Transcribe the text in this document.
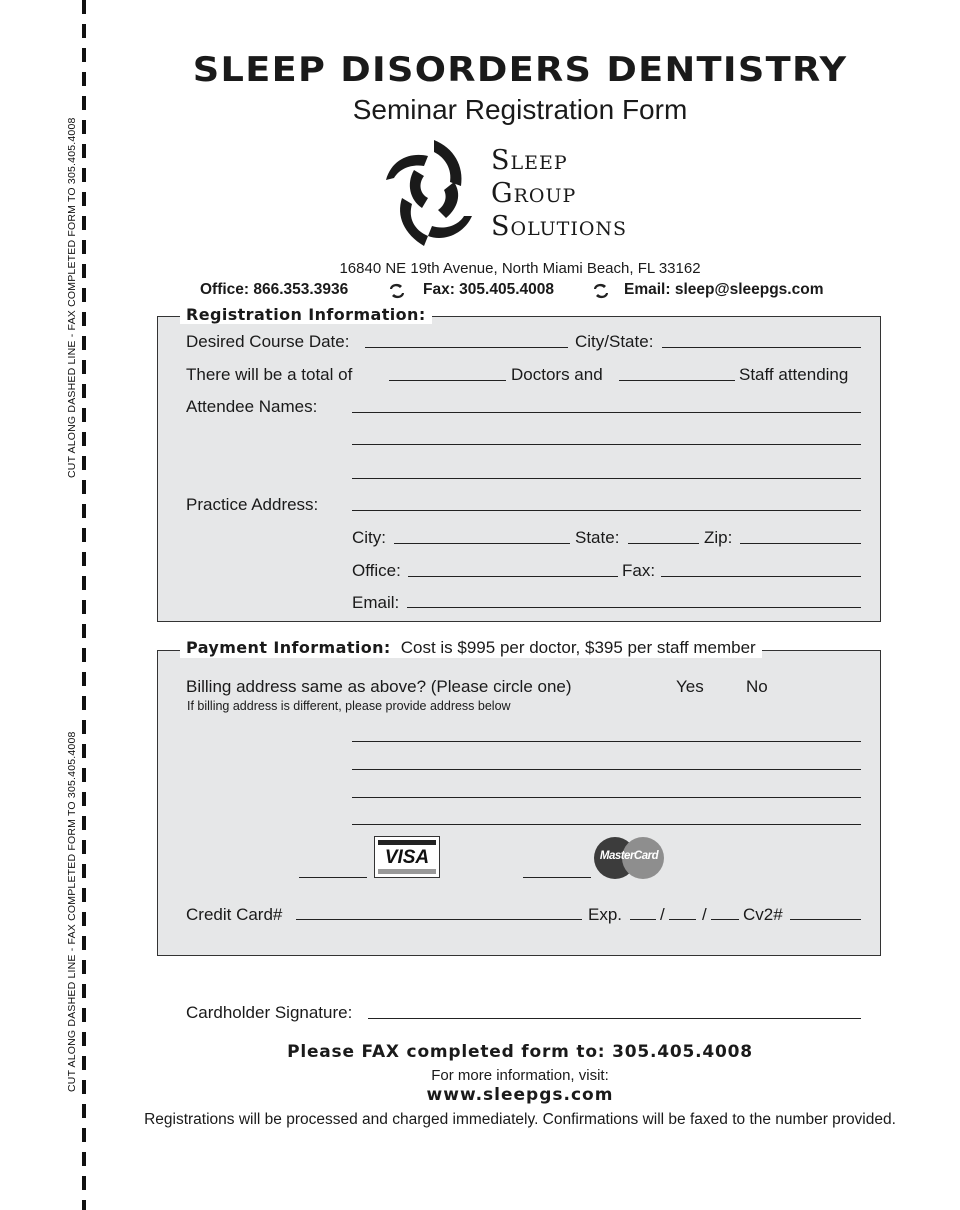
CUT ALONG DASHED LINE - FAX COMPLETED FORM TO 305.405.4008
CUT ALONG DASHED LINE - FAX COMPLETED FORM TO 305.405.4008
SLEEP DISORDERS DENTISTRY
Seminar Registration Form
Sleep
Group
Solutions
16840 NE 19th Avenue, North Miami Beach, FL 33162
Office: 866.353.3936	Fax: 305.405.4008	Email: sleep@sleepgs.com
Registration Information:
Desired Course Date:	City/State:
There will be a total of	Doctors and	Staff attending
Attendee Names:
Practice Address:
City:	State:	Zip:
Office:	Fax:
Email:
Payment Information: Cost is $995 per doctor, $395 per staff member
Billing address same as above? (Please circle one)	Yes No
If billing address is different, please provide address below
VISA	MasterCard
Credit Card#	Exp. / / Cv2#
Cardholder Signature:
Please FAX completed form to: 305.405.4008
For more information, visit:
www.sleepgs.com
Registrations will be processed and charged immediately. Confirmations will be faxed to the number provided.
